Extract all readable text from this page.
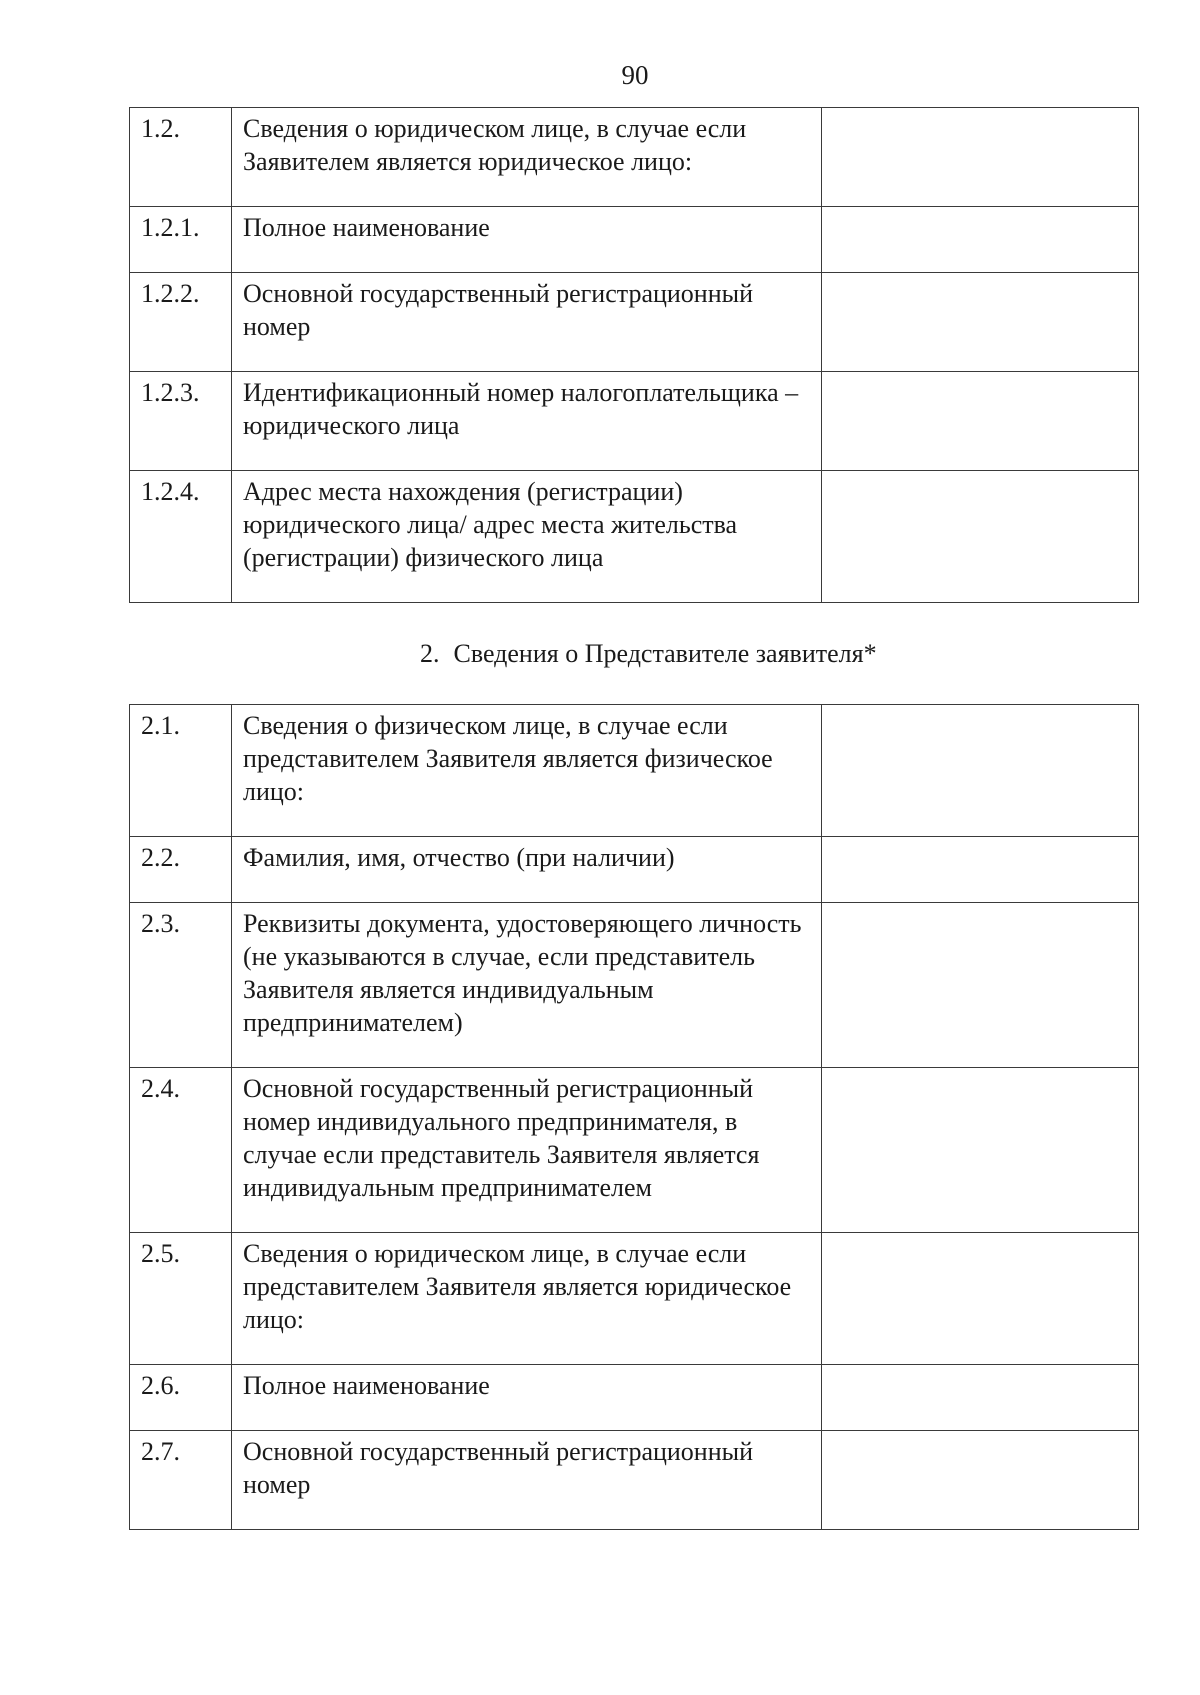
90
1.2.	Сведения о юридическом лице, в случае если Заявителем является юридическое лицо:	
1.2.1.	Полное наименование	
1.2.2.	Основной государственный регистрационный номер	
1.2.3.	Идентификационный номер налогоплательщика – юридического лица	
1.2.4.	Адрес места нахождения (регистрации) юридического лица/ адрес места жительства (регистрации) физического лица	
2. Сведения о Представителе заявителя*
2.1.	Сведения о физическом лице, в случае если представителем Заявителя является физическое лицо:	
2.2.	Фамилия, имя, отчество (при наличии)	
2.3.	Реквизиты документа, удостоверяющего личность (не указываются в случае, если представитель Заявителя является индивидуальным предпринимателем)	
2.4.	Основной государственный регистрационный номер индивидуального предпринимателя, в случае если представитель Заявителя является индивидуальным предпринимателем	
2.5.	Сведения о юридическом лице, в случае если представителем Заявителя является юридическое лицо:	
2.6.	Полное наименование	
2.7.	Основной государственный регистрационный номер	
